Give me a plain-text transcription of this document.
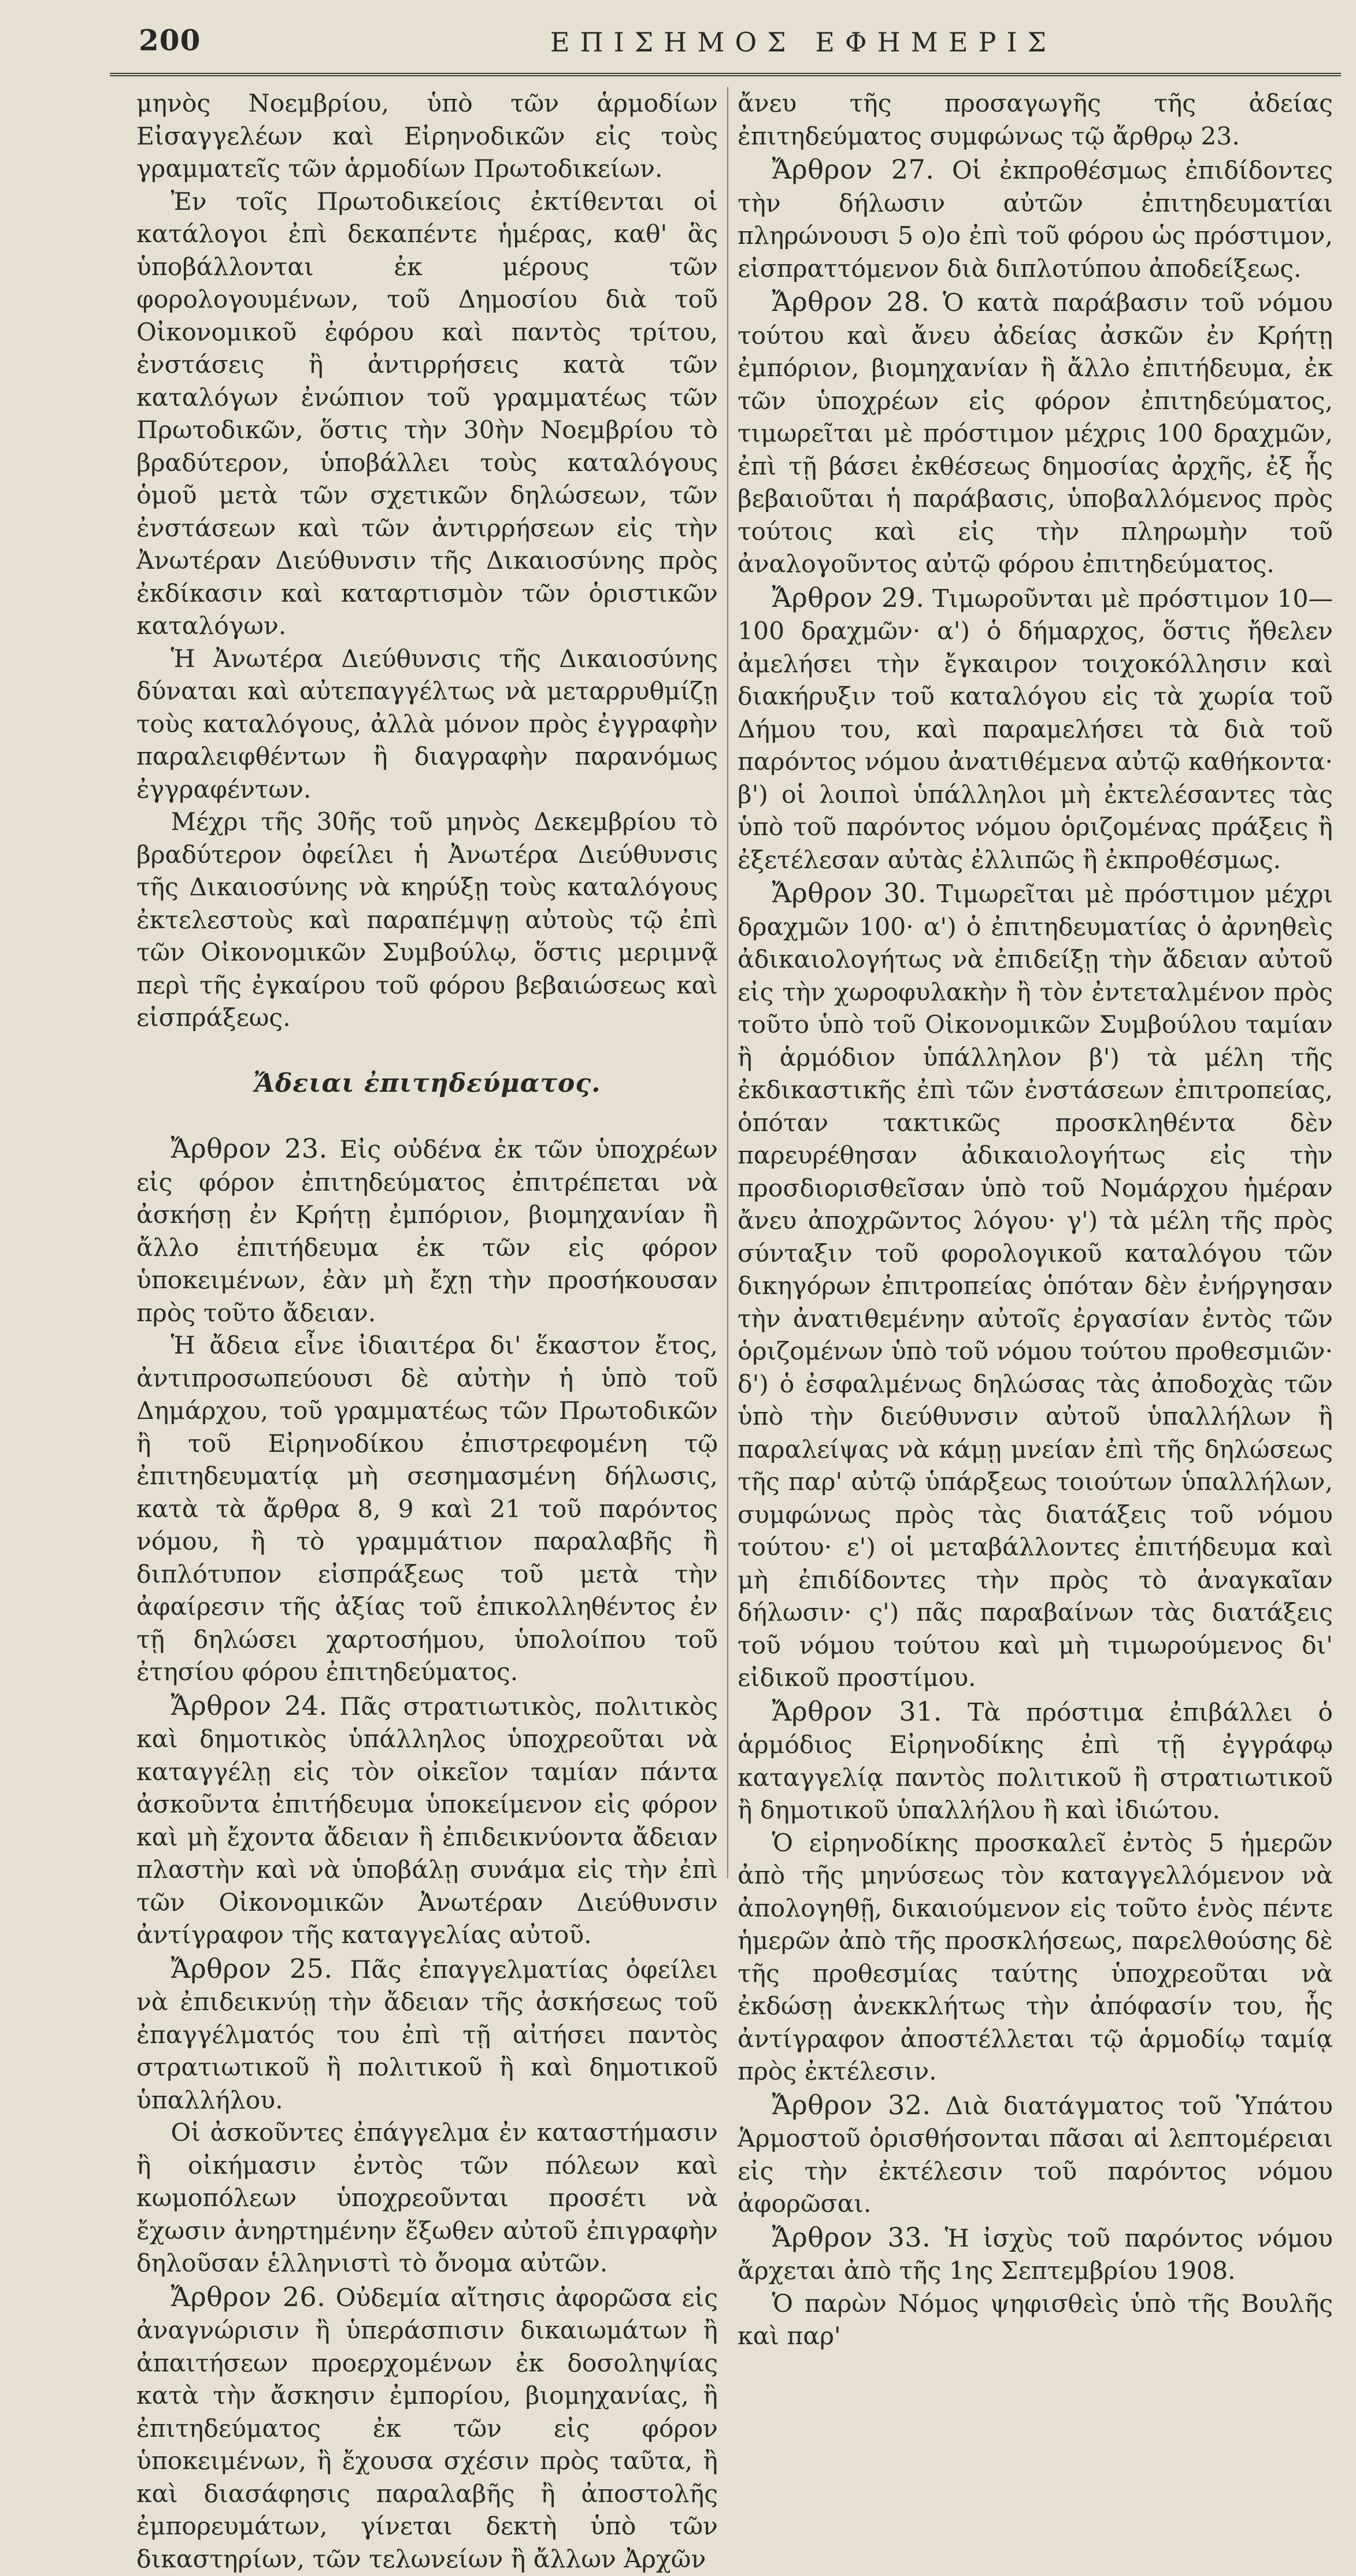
200	ΕΠΙΣΗΜΟΣ ΕΦΗΜΕΡΙΣ

μηνὸς Νοεμβρίου, ὑπὸ τῶν ἁρμοδίων Εἰσαγγελέων καὶ Εἰρηνοδικῶν εἰς τοὺς γραμματεῖς τῶν ἁρμοδίων Πρωτοδικείων.

Ἐν τοῖς Πρωτοδικείοις ἐκτίθενται οἱ κατάλογοι ἐπὶ δεκαπέντε ἡμέρας, καθ' ἃς ὑποβάλλονται ἐκ μέρους τῶν φορολογουμένων, τοῦ Δημοσίου διὰ τοῦ Οἰκονομικοῦ ἐφόρου καὶ παντὸς τρίτου, ἐνστάσεις ἢ ἀντιρρήσεις κατὰ τῶν καταλόγων ἐνώπιον τοῦ γραμματέως τῶν Πρωτοδικῶν, ὅστις τὴν 30ὴν Νοεμβρίου τὸ βραδύτερον, ὑποβάλλει τοὺς καταλόγους ὁμοῦ μετὰ τῶν σχετικῶν δηλώσεων, τῶν ἐνστάσεων καὶ τῶν ἀντιρρήσεων εἰς τὴν Ἀνωτέραν Διεύθυνσιν τῆς Δικαιοσύνης πρὸς ἐκδίκασιν καὶ καταρτισμὸν τῶν ὁριστικῶν καταλόγων.

Ἡ Ἀνωτέρα Διεύθυνσις τῆς Δικαιοσύνης δύναται καὶ αὐτεπαγγέλτως νὰ μεταρρυθμίζῃ τοὺς καταλόγους, ἀλλὰ μόνον πρὸς ἐγγραφὴν παραλειφθέντων ἢ διαγραφὴν παρανόμως ἐγγραφέντων.

Μέχρι τῆς 30ῆς τοῦ μηνὸς Δεκεμβρίου τὸ βραδύτερον ὀφείλει ἡ Ἀνωτέρα Διεύθυνσις τῆς Δικαιοσύνης νὰ κηρύξῃ τοὺς καταλόγους ἐκτελεστοὺς καὶ παραπέμψῃ αὐτοὺς τῷ ἐπὶ τῶν Οἰκονομικῶν Συμβούλῳ, ὅστις μεριμνᾷ περὶ τῆς ἐγκαίρου τοῦ φόρου βεβαιώσεως καὶ εἰσπράξεως.

Ἄδειαι ἐπιτηδεύματος.

Ἄρθρον 23. Εἰς οὐδένα ἐκ τῶν ὑποχρέων εἰς φόρον ἐπιτηδεύματος ἐπιτρέπεται νὰ ἀσκήσῃ ἐν Κρήτῃ ἐμπόριον, βιομηχανίαν ἢ ἄλλο ἐπιτήδευμα ἐκ τῶν εἰς φόρον ὑποκειμένων, ἐὰν μὴ ἔχῃ τὴν προσήκουσαν πρὸς τοῦτο ἄδειαν.

Ἡ ἄδεια εἶνε ἰδιαιτέρα δι' ἕκαστον ἔτος, ἀντιπροσωπεύουσι δὲ αὐτὴν ἡ ὑπὸ τοῦ Δημάρχου, τοῦ γραμματέως τῶν Πρωτοδικῶν ἢ τοῦ Εἰρηνοδίκου ἐπιστρεφομένη τῷ ἐπιτηδευματίᾳ μὴ σεσημασμένη δήλωσις, κατὰ τὰ ἄρθρα 8, 9 καὶ 21 τοῦ παρόντος νόμου, ἢ τὸ γραμμάτιον παραλαβῆς ἢ διπλότυπον εἰσπράξεως τοῦ μετὰ τὴν ἀφαίρεσιν τῆς ἀξίας τοῦ ἐπικολληθέντος ἐν τῇ δηλώσει χαρτοσήμου, ὑπολοίπου τοῦ ἐτησίου φόρου ἐπιτηδεύματος.

Ἄρθρον 24. Πᾶς στρατιωτικὸς, πολιτικὸς καὶ δημοτικὸς ὑπάλληλος ὑποχρεοῦται νὰ καταγγέλῃ εἰς τὸν οἰκεῖον ταμίαν πάντα ἀσκοῦντα ἐπιτήδευμα ὑποκείμενον εἰς φόρον καὶ μὴ ἔχοντα ἄδειαν ἢ ἐπιδεικνύοντα ἄδειαν πλαστὴν καὶ νὰ ὑποβάλῃ συνάμα εἰς τὴν ἐπὶ τῶν Οἰκονομικῶν Ἀνωτέραν Διεύθυνσιν ἀντίγραφον τῆς καταγγελίας αὐτοῦ.

Ἄρθρον 25. Πᾶς ἐπαγγελματίας ὀφείλει νὰ ἐπιδεικνύῃ τὴν ἄδειαν τῆς ἀσκήσεως τοῦ ἐπαγγέλματός του ἐπὶ τῇ αἰτήσει παντὸς στρατιωτικοῦ ἢ πολιτικοῦ ἢ καὶ δημοτικοῦ ὑπαλλήλου.

Οἱ ἀσκοῦντες ἐπάγγελμα ἐν καταστήμασιν ἢ οἰκήμασιν ἐντὸς τῶν πόλεων καὶ κωμοπόλεων ὑποχρεοῦνται προσέτι νὰ ἔχωσιν ἀνηρτημένην ἔξωθεν αὐτοῦ ἐπιγραφὴν δηλοῦσαν ἑλληνιστὶ τὸ ὄνομα αὐτῶν.

Ἄρθρον 26. Οὐδεμία αἴτησις ἀφορῶσα εἰς ἀναγνώρισιν ἢ ὑπεράσπισιν δικαιωμάτων ἢ ἀπαιτήσεων προερχομένων ἐκ δοσοληψίας κατὰ τὴν ἄσκησιν ἐμπορίου, βιομηχανίας, ἢ ἐπιτηδεύματος ἐκ τῶν εἰς φόρον ὑποκειμένων, ἢ ἔχουσα σχέσιν πρὸς ταῦτα, ἢ καὶ διασάφησις παραλαβῆς ἢ ἀποστολῆς ἐμπορευμάτων, γίνεται δεκτὴ ὑπὸ τῶν δικαστηρίων, τῶν τελωνείων ἢ ἄλλων Ἀρχῶν

ἄνευ τῆς προσαγωγῆς τῆς ἀδείας ἐπιτηδεύματος συμφώνως τῷ ἄρθρῳ 23.

Ἄρθρον 27. Οἱ ἐκπροθέσμως ἐπιδίδοντες τὴν δήλωσιν αὐτῶν ἐπιτηδευματίαι πληρώνουσι 5 ο)ο ἐπὶ τοῦ φόρου ὡς πρόστιμον, εἰσπραττόμενον διὰ διπλοτύπου ἀποδείξεως.

Ἄρθρον 28. Ὁ κατὰ παράβασιν τοῦ νόμου τούτου καὶ ἄνευ ἀδείας ἀσκῶν ἐν Κρήτῃ ἐμπόριον, βιομηχανίαν ἢ ἄλλο ἐπιτήδευμα, ἐκ τῶν ὑποχρέων εἰς φόρον ἐπιτηδεύματος, τιμωρεῖται μὲ πρόστιμον μέχρις 100 δραχμῶν, ἐπὶ τῇ βάσει ἐκθέσεως δημοσίας ἀρχῆς, ἐξ ἧς βεβαιοῦται ἡ παράβασις, ὑποβαλλόμενος πρὸς τούτοις καὶ εἰς τὴν πληρωμὴν τοῦ ἀναλογοῦντος αὐτῷ φόρου ἐπιτηδεύματος.

Ἄρθρον 29. Τιμωροῦνται μὲ πρόστιμον 10—100 δραχμῶν· α') ὁ δήμαρχος, ὅστις ἤθελεν ἀμελήσει τὴν ἔγκαιρον τοιχοκόλλησιν καὶ διακήρυξιν τοῦ καταλόγου εἰς τὰ χωρία τοῦ Δήμου του, καὶ παραμελήσει τὰ διὰ τοῦ παρόντος νόμου ἀνατιθέμενα αὐτῷ καθήκοντα· β') οἱ λοιποὶ ὑπάλληλοι μὴ ἐκτελέσαντες τὰς ὑπὸ τοῦ παρόντος νόμου ὁριζομένας πράξεις ἢ ἐξετέλεσαν αὐτὰς ἐλλιπῶς ἢ ἐκπροθέσμως.

Ἄρθρον 30. Τιμωρεῖται μὲ πρόστιμον μέχρι δραχμῶν 100· α') ὁ ἐπιτηδευματίας ὁ ἀρνηθεὶς ἀδικαιολογήτως νὰ ἐπιδείξῃ τὴν ἄδειαν αὐτοῦ εἰς τὴν χωροφυλακὴν ἢ τὸν ἐντεταλμένον πρὸς τοῦτο ὑπὸ τοῦ Οἰκονομικῶν Συμβούλου ταμίαν ἢ ἁρμόδιον ὑπάλληλον β') τὰ μέλη τῆς ἐκδικαστικῆς ἐπὶ τῶν ἐνστάσεων ἐπιτροπείας, ὁπόταν τακτικῶς προσκληθέντα δὲν παρευρέθησαν ἀδικαιολογήτως εἰς τὴν προσδιορισθεῖσαν ὑπὸ τοῦ Νομάρχου ἡμέραν ἄνευ ἀποχρῶντος λόγου· γ') τὰ μέλη τῆς πρὸς σύνταξιν τοῦ φορολογικοῦ καταλόγου τῶν δικηγόρων ἐπιτροπείας ὁπόταν δὲν ἐνήργησαν τὴν ἀνατιθεμένην αὐτοῖς ἐργασίαν ἐντὸς τῶν ὁριζομένων ὑπὸ τοῦ νόμου τούτου προθεσμιῶν· δ') ὁ ἐσφαλμένως δηλώσας τὰς ἀποδοχὰς τῶν ὑπὸ τὴν διεύθυνσιν αὐτοῦ ὑπαλλήλων ἢ παραλείψας νὰ κάμῃ μνείαν ἐπὶ τῆς δηλώσεως τῆς παρ' αὐτῷ ὑπάρξεως τοιούτων ὑπαλλήλων, συμφώνως πρὸς τὰς διατάξεις τοῦ νόμου τούτου· ε') οἱ μεταβάλλοντες ἐπιτήδευμα καὶ μὴ ἐπιδίδοντες τὴν πρὸς τὸ ἀναγκαῖαν δήλωσιν· ς') πᾶς παραβαίνων τὰς διατάξεις τοῦ νόμου τούτου καὶ μὴ τιμωρούμενος δι' εἰδικοῦ προστίμου.

Ἄρθρον 31. Τὰ πρόστιμα ἐπιβάλλει ὁ ἁρμόδιος Εἰρηνοδίκης ἐπὶ τῇ ἐγγράφῳ καταγγελίᾳ παντὸς πολιτικοῦ ἢ στρατιωτικοῦ ἢ δημοτικοῦ ὑπαλλήλου ἢ καὶ ἰδιώτου.

Ὁ εἰρηνοδίκης προσκαλεῖ ἐντὸς 5 ἡμερῶν ἀπὸ τῆς μηνύσεως τὸν καταγγελλόμενον νὰ ἀπολογηθῇ, δικαιούμενον εἰς τοῦτο ἑνὸς πέντε ἡμερῶν ἀπὸ τῆς προσκλήσεως, παρελθούσης δὲ τῆς προθεσμίας ταύτης ὑποχρεοῦται νὰ ἐκδώσῃ ἀνεκκλήτως τὴν ἀπόφασίν του, ἧς ἀντίγραφον ἀποστέλλεται τῷ ἁρμοδίῳ ταμίᾳ πρὸς ἐκτέλεσιν.

Ἄρθρον 32. Διὰ διατάγματος τοῦ Ὑπάτου Ἁρμοστοῦ ὁρισθήσονται πᾶσαι αἱ λεπτομέρειαι εἰς τὴν ἐκτέλεσιν τοῦ παρόντος νόμου ἀφορῶσαι.

Ἄρθρον 33. Ἡ ἰσχὺς τοῦ παρόντος νόμου ἄρχεται ἀπὸ τῆς 1ης Σεπτεμβρίου 1908.

Ὁ παρὼν Νόμος ψηφισθεὶς ὑπὸ τῆς Βουλῆς καὶ παρ'
